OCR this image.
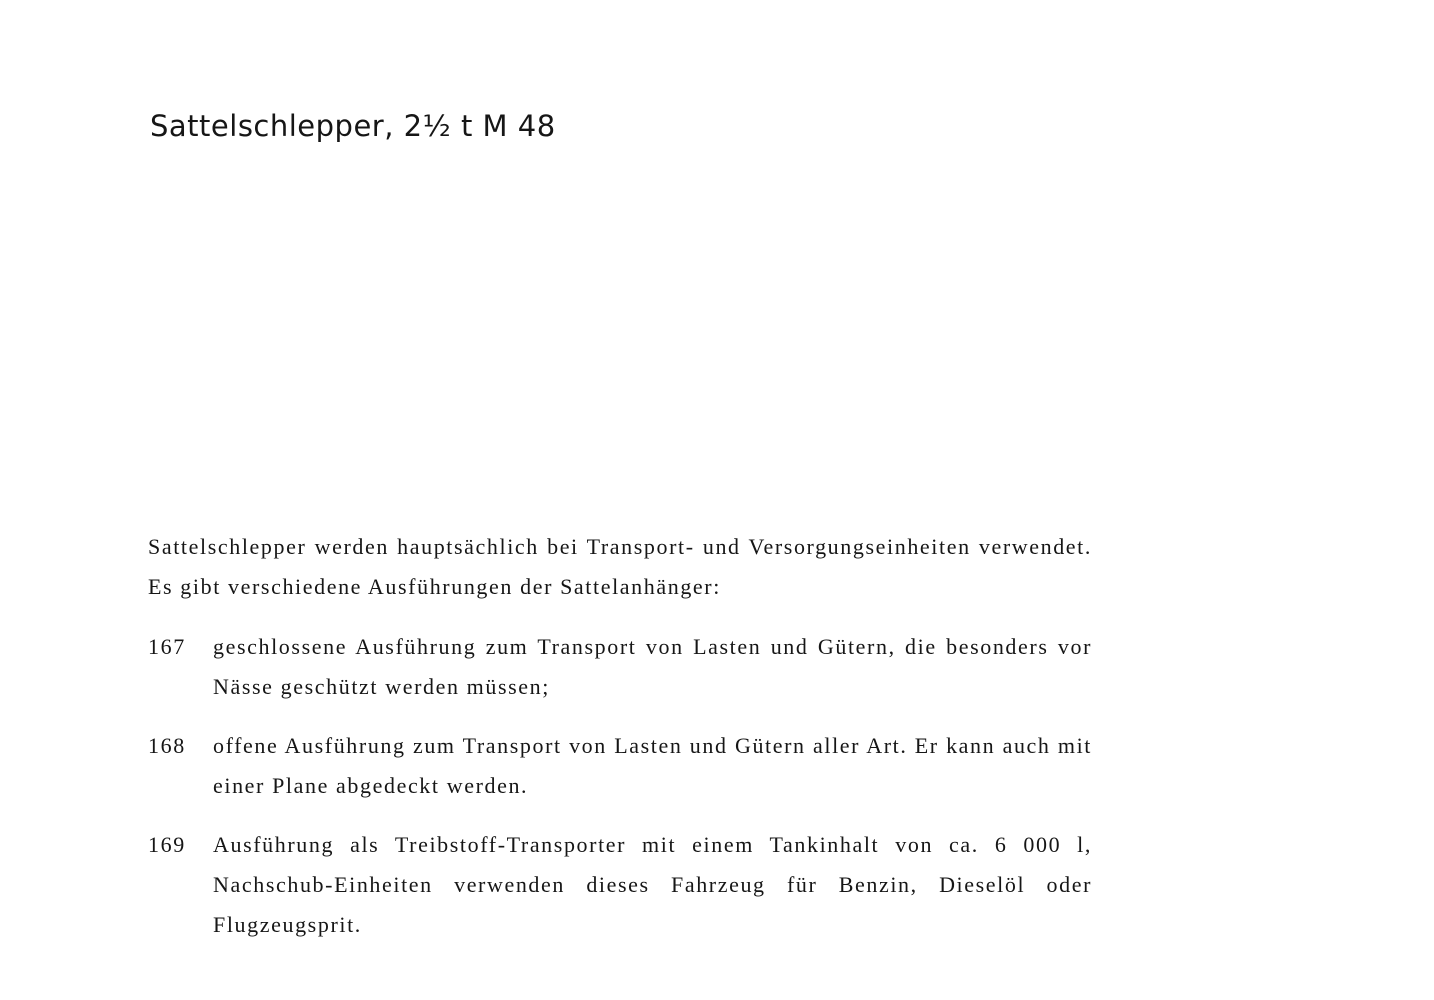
Sattelschlepper, 2½ t M 48
Sattelschlepper werden hauptsächlich bei Transport- und Versorgungseinheiten verwendet. Es gibt verschiedene Ausführungen der Sattelanhänger:
167	geschlossene Ausführung zum Transport von Lasten und Gütern, die besonders vor Nässe geschützt werden müssen;
168	offene Ausführung zum Transport von Lasten und Gütern aller Art. Er kann auch mit einer Plane abgedeckt werden.
169	Ausführung als Treibstoff-Transporter mit einem Tankinhalt von ca. 6 000 l, Nachschub-Einheiten verwenden dieses Fahrzeug für Benzin, Dieselöl oder Flugzeugsprit.
